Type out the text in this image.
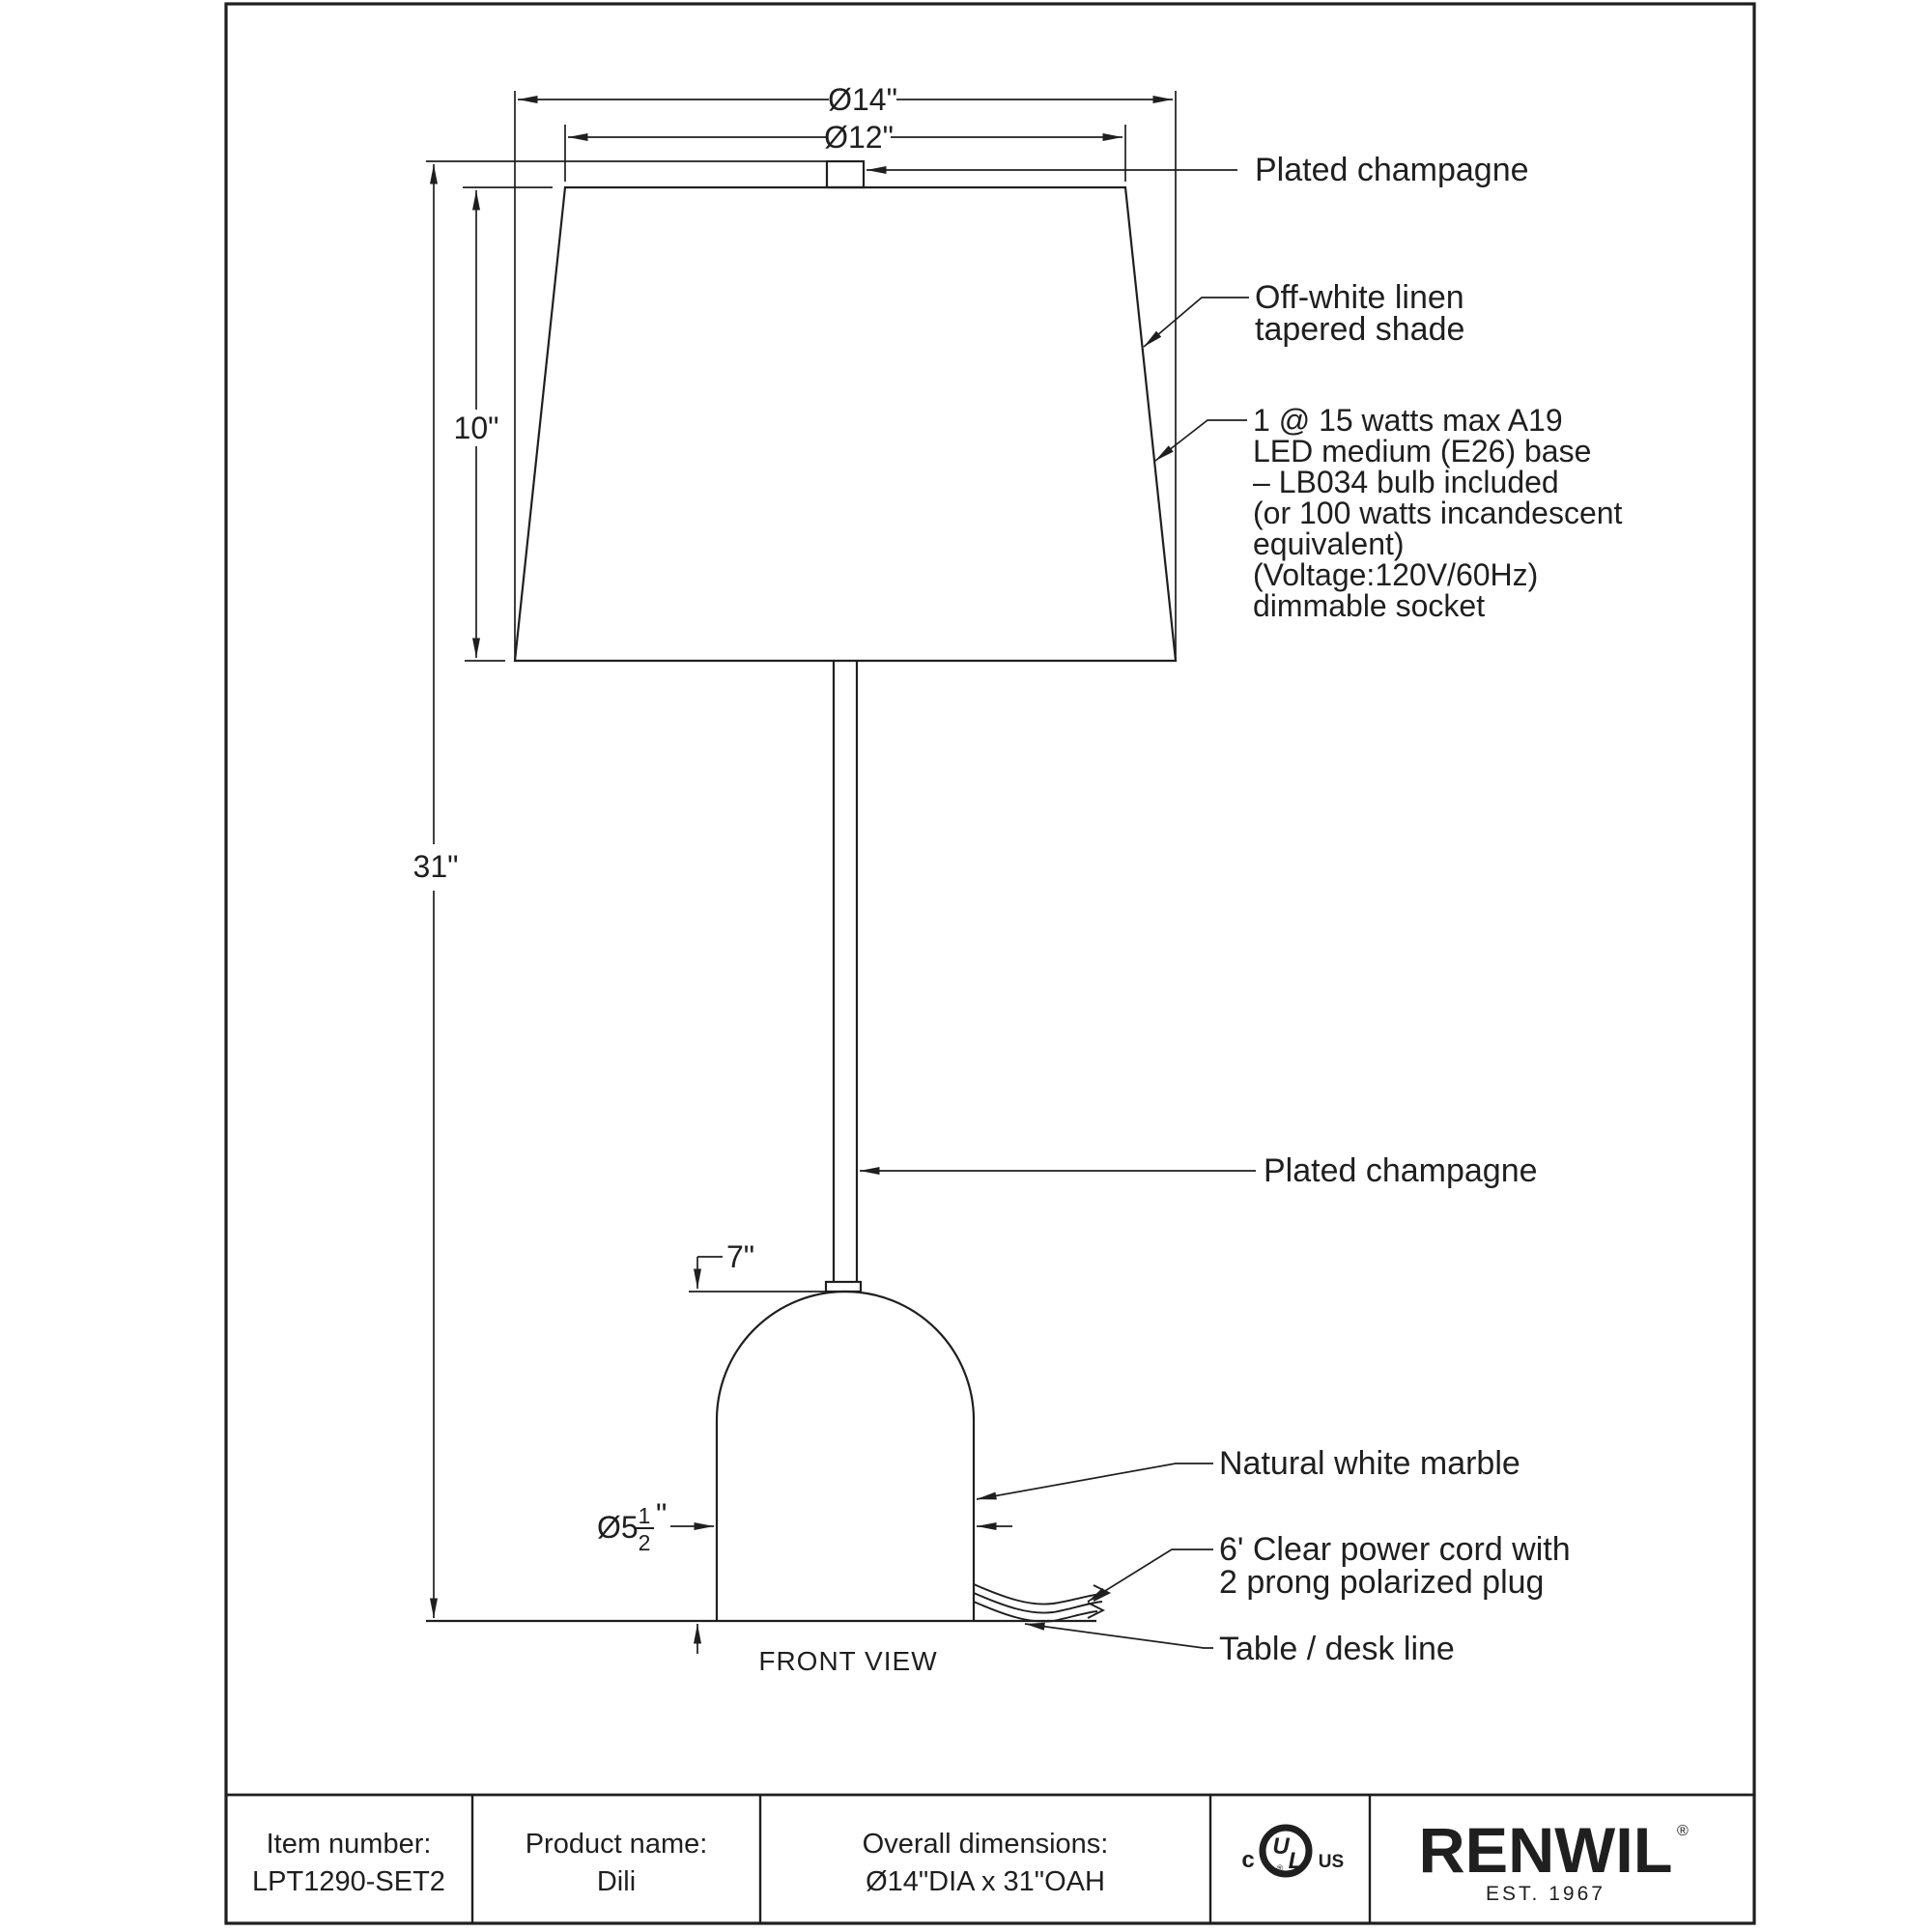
Ø14"
Ø12"
10"
31"
7"
Ø5 1
2
"
Plated champagne
Off-white linen
tapered shade
1 @ 15 watts max A19
LED medium (E26) base
– LB034 bulb included
(or 100 watts incandescent
equivalent)
(Voltage:120V/60Hz)
dimmable socket
Plated champagne
Natural white marble
6' Clear power cord with
2 prong polarized plug
Table / desk line
FRONT VIEW
Item number:
LPT1290-SET2
Product name:
Dili
Overall dimensions:
Ø14"DIA x 31"OAH
U
L
®
c	US RENWIL ®
EST. 1967
